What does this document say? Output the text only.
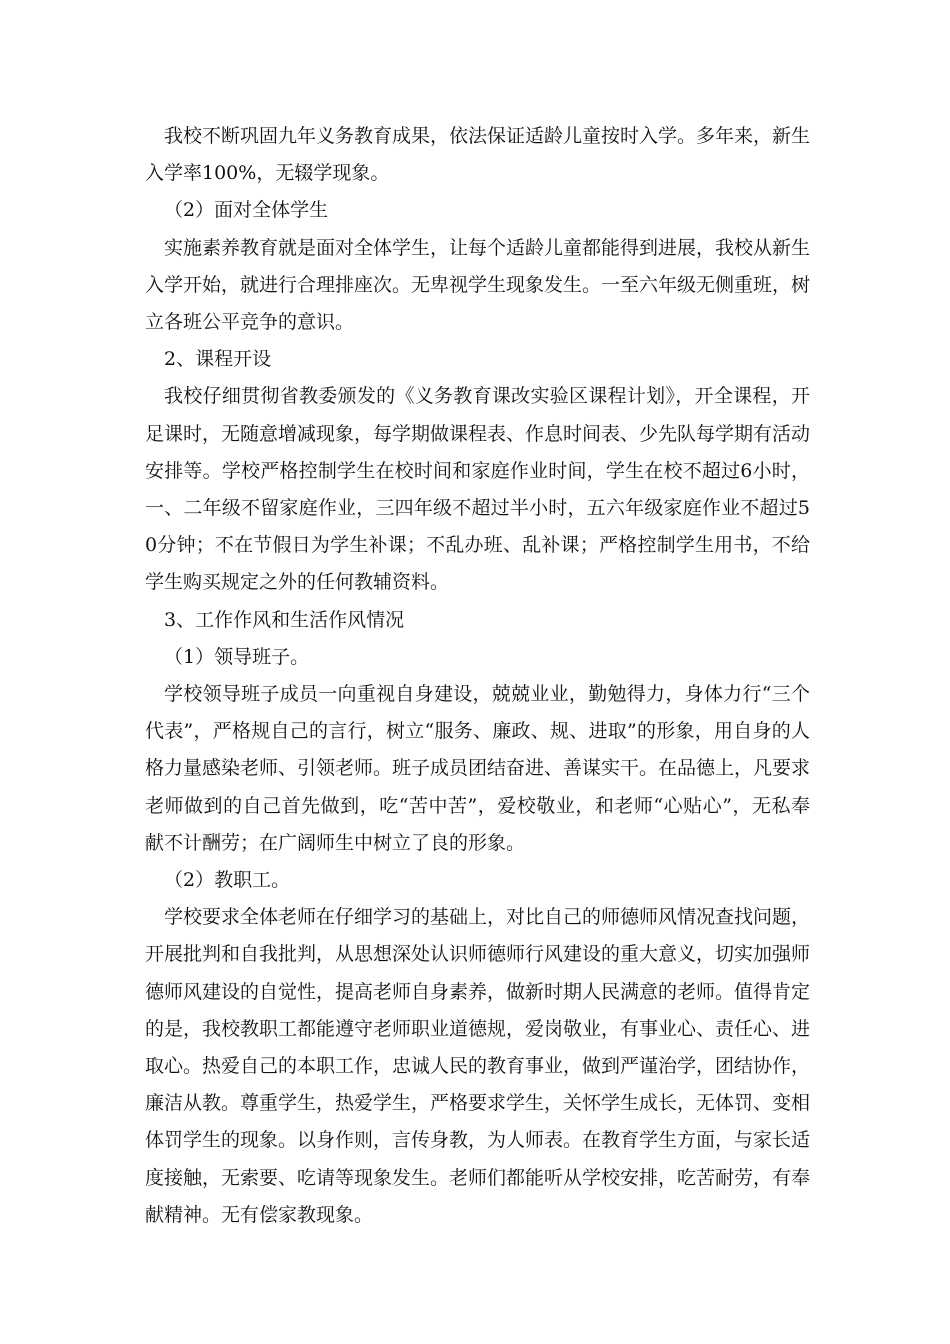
我校不断巩固九年义务教育成果，依法保证适龄儿童按时入学。多年来，新生入学率100%，无辍学现象。

（2）面对全体学生

实施素养教育就是面对全体学生，让每个适龄儿童都能得到进展，我校从新生入学开始，就进行合理排座次。无卑视学生现象发生。一至六年级无侧重班，树立各班公平竞争的意识。

2、课程开设

我校仔细贯彻省教委颁发的《义务教育课改实验区课程计划》，开全课程，开足课时，无随意增减现象，每学期做课程表、作息时间表、少先队每学期有活动安排等。学校严格控制学生在校时间和家庭作业时间，学生在校不超过6小时，一、二年级不留家庭作业，三四年级不超过半小时，五六年级家庭作业不超过50分钟；不在节假日为学生补课；不乱办班、乱补课；严格控制学生用书，不给学生购买规定之外的任何教辅资料。

3、工作作风和生活作风情况

（1）领导班子。

学校领导班子成员一向重视自身建设，兢兢业业，勤勉得力，身体力行“三个代表”，严格规自己的言行，树立“服务、廉政、规、进取”的形象，用自身的人格力量感染老师、引领老师。班子成员团结奋进、善谋实干。在品德上，凡要求老师做到的自己首先做到，吃“苦中苦”，爱校敬业，和老师“心贴心”，无私奉献不计酬劳；在广阔师生中树立了良的形象。

（2）教职工。

学校要求全体老师在仔细学习的基础上，对比自己的师德师风情况查找问题，开展批判和自我批判，从思想深处认识师德师行风建设的重大意义，切实加强师德师风建设的自觉性，提高老师自身素养，做新时期人民满意的老师。值得肯定的是，我校教职工都能遵守老师职业道德规，爱岗敬业，有事业心、责任心、进取心。热爱自己的本职工作，忠诚人民的教育事业，做到严谨治学，团结协作，廉洁从教。尊重学生，热爱学生，严格要求学生，关怀学生成长，无体罚、变相体罚学生的现象。以身作则，言传身教，为人师表。在教育学生方面，与家长适度接触，无索要、吃请等现象发生。老师们都能听从学校安排，吃苦耐劳，有奉献精神。无有偿家教现象。
